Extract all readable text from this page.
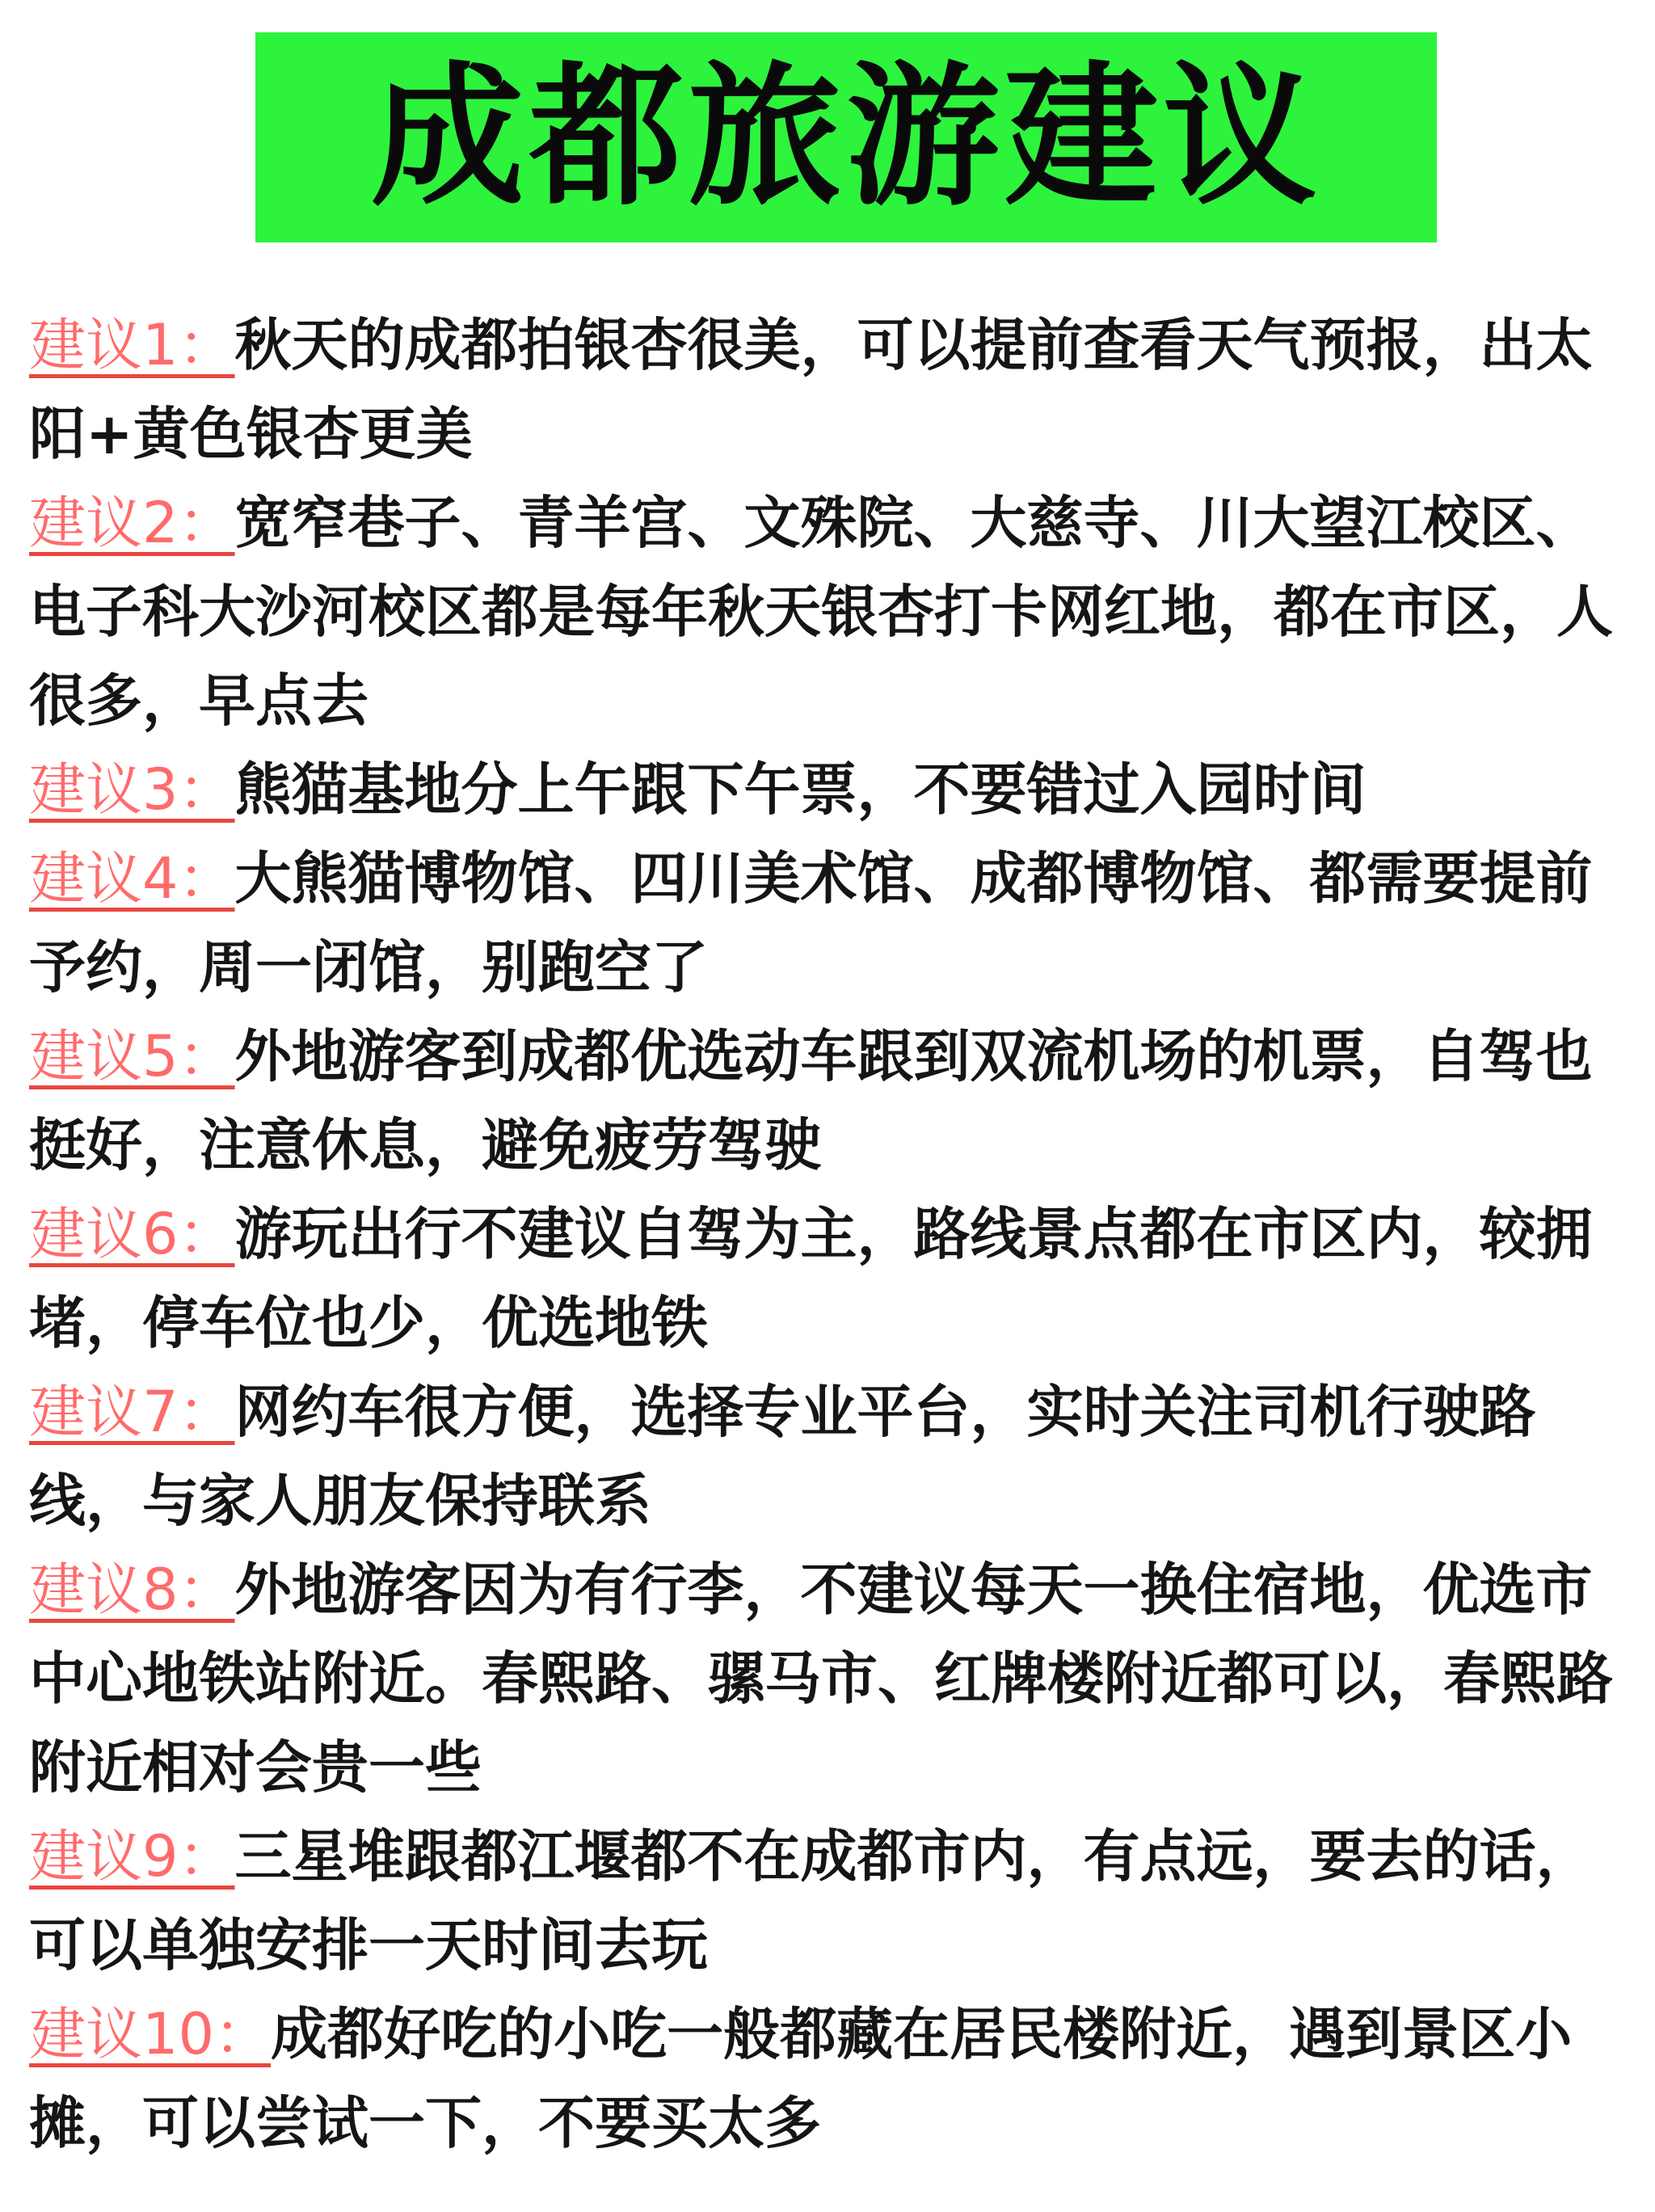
成都旅游建议

建议1：秋天的成都拍银杏很美，可以提前查看天气预报，出太阳+黄色银杏更美

建议2：宽窄巷子、青羊宫、文殊院、大慈寺、川大望江校区、电子科大沙河校区都是每年秋天银杏打卡网红地，都在市区，人很多，早点去

建议3：熊猫基地分上午跟下午票，不要错过入园时间

建议4：大熊猫博物馆、四川美术馆、成都博物馆、都需要提前予约，周一闭馆，别跑空了

建议5：外地游客到成都优选动车跟到双流机场的机票，自驾也挺好，注意休息，避免疲劳驾驶

建议6：游玩出行不建议自驾为主，路线景点都在市区内，较拥堵，停车位也少，优选地铁

建议7：网约车很方便，选择专业平台，实时关注司机行驶路线，与家人朋友保持联系

建议8：外地游客因为有行李，不建议每天一换住宿地，优选市中心地铁站附近。春熙路、骡马市、红牌楼附近都可以，春熙路附近相对会贵一些

建议9：三星堆跟都江堰都不在成都市内，有点远，要去的话，可以单独安排一天时间去玩

建议10：成都好吃的小吃一般都藏在居民楼附近，遇到景区小摊，可以尝试一下，不要买太多
